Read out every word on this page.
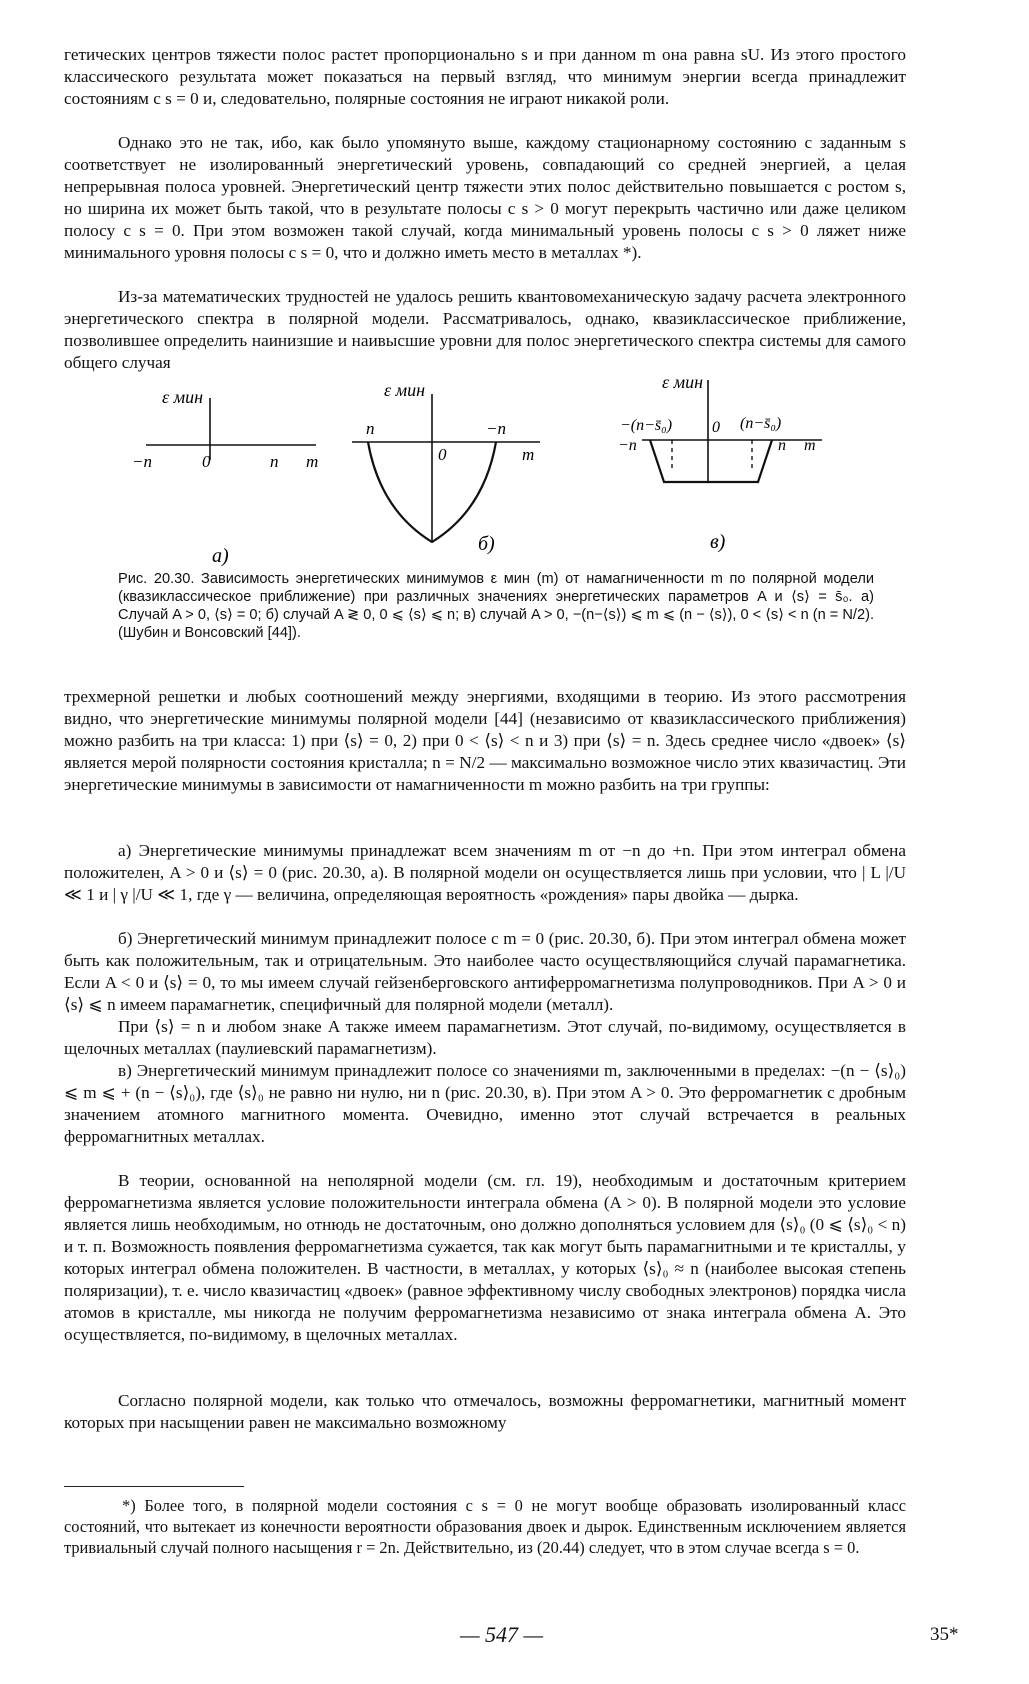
гетических центров тяжести полос растет пропорционально s и при данном m она равна sU. Из этого простого классического результата может показаться на первый взгляд, что минимум энергии всегда принадлежит состояниям с s = 0 и, следовательно, полярные состояния не играют никакой роли.

Однако это не так, ибо, как было упомянуто выше, каждому стационарному состоянию с заданным s соответствует не изолированный энергетический уровень, совпадающий со средней энергией, а целая непрерывная полоса уровней. Энергетический центр тяжести этих полос действительно повышается с ростом s, но ширина их может быть такой, что в результате полосы с s > 0 могут перекрыть частично или даже целиком полосу с s = 0. При этом возможен такой случай, когда минимальный уровень полосы с s > 0 ляжет ниже минимального уровня полосы с s = 0, что и должно иметь место в металлах *).

Из-за математических трудностей не удалось решить квантовомеханическую задачу расчета электронного энергетического спектра в полярной модели. Рассматривалось, однако, квазиклассическое приближение, позволившее определить наинизшие и наивысшие уровни для полос энергетического спектра системы для самого общего случая

ε мин
−n	0	n m
а)
ε мин
n
0
−n
m
б)
ε мин
−(n−s̄₀) 0 (n−s̄₀)
−n	n m
в)

Рис. 20.30. Зависимость энергетических минимумов ε мин (m) от намагниченности m по полярной модели (квазиклассическое приближение) при различных значениях энергетических параметров A и ⟨s⟩ = s̄₀. а) Случай A > 0, ⟨s⟩ = 0; б) случай A ≷ 0, 0 ⩽ ⟨s⟩ ⩽ n; в) случай A > 0, −(n−⟨s⟩) ⩽ m ⩽ (n − ⟨s⟩), 0 < ⟨s⟩ < n (n = N/2). (Шубин и Вонсовский [44]).

трехмерной решетки и любых соотношений между энергиями, входящими в теорию. Из этого рассмотрения видно, что энергетические минимумы полярной модели [44] (независимо от квазиклассического приближения) можно разбить на три класса: 1) при ⟨s⟩ = 0, 2) при 0 < ⟨s⟩ < n и 3) при ⟨s⟩ = n. Здесь среднее число «двоек» ⟨s⟩ является мерой полярности состояния кристалла; n = N/2 — максимально возможное число этих квазичастиц. Эти энергетические минимумы в зависимости от намагниченности m можно разбить на три группы:

а) Энергетические минимумы принадлежат всем значениям m от −n до +n. При этом интеграл обмена положителен, A > 0 и ⟨s⟩ = 0 (рис. 20.30, а). В полярной модели он осуществляется лишь при условии, что | L |/U ≪ 1 и | γ |/U ≪ 1, где γ — величина, определяющая вероятность «рождения» пары двойка — дырка.

б) Энергетический минимум принадлежит полосе с m = 0 (рис. 20.30, б). При этом интеграл обмена может быть как положительным, так и отрицательным. Это наиболее часто осуществляющийся случай парамагнетика. Если A < 0 и ⟨s⟩ = 0, то мы имеем случай гейзенберговского антиферромагнетизма полупроводников. При A > 0 и ⟨s⟩ ⩽ n имеем парамагнетик, специфичный для полярной модели (металл).

При ⟨s⟩ = n и любом знаке A также имеем парамагнетизм. Этот случай, по-видимому, осуществляется в щелочных металлах (паулиевский парамагнетизм).

в) Энергетический минимум принадлежит полосе со значениями m, заключенными в пределах: −(n − ⟨s⟩₀) ⩽ m ⩽ + (n − ⟨s⟩₀), где ⟨s⟩₀ не равно ни нулю, ни n (рис. 20.30, в). При этом A > 0. Это ферромагнетик с дробным значением атомного магнитного момента. Очевидно, именно этот случай встречается в реальных ферромагнитных металлах.

В теории, основанной на неполярной модели (см. гл. 19), необходимым и достаточным критерием ферромагнетизма является условие положительности интеграла обмена (A > 0). В полярной модели это условие является лишь необходимым, но отнюдь не достаточным, оно должно дополняться условием для ⟨s⟩₀ (0 ⩽ ⟨s⟩₀ < n) и т. п. Возможность появления ферромагнетизма сужается, так как могут быть парамагнитными и те кристаллы, у которых интеграл обмена положителен. В частности, в металлах, у которых ⟨s⟩₀ ≈ n (наиболее высокая степень поляризации), т. е. число квазичастиц «двоек» (равное эффективному числу свободных электронов) порядка числа атомов в кристалле, мы никогда не получим ферромагнетизма независимо от знака интеграла обмена A. Это осуществляется, по-видимому, в щелочных металлах.

Согласно полярной модели, как только что отмечалось, возможны ферромагнетики, магнитный момент которых при насыщении равен не максимально возможному

*) Более того, в полярной модели состояния с s = 0 не могут вообще образовать изолированный класс состояний, что вытекает из конечности вероятности образования двоек и дырок. Единственным исключением является тривиальный случай полного насыщения r = 2n. Действительно, из (20.44) следует, что в этом случае всегда s = 0.

— 547 —	35*
